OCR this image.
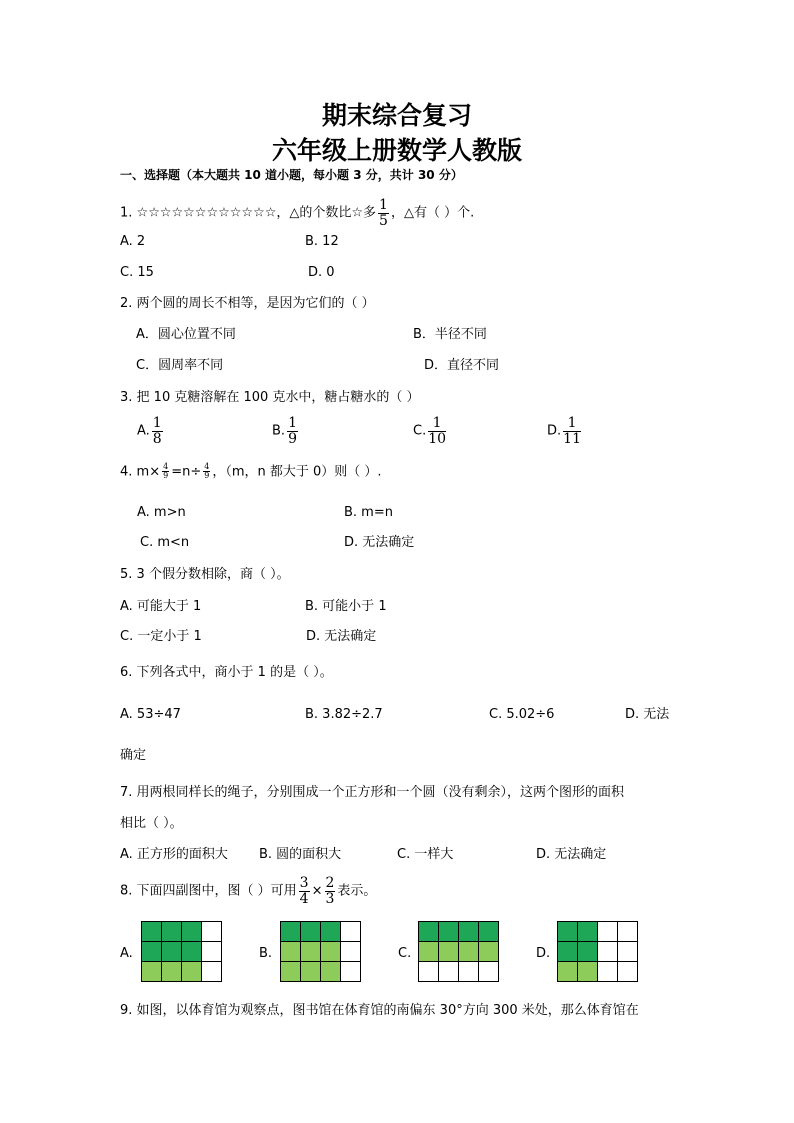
期末综合复习
六年级上册数学人教版
一、选择题（本大题共 10 道小题，每小题 3 分，共计 30 分）
1. ☆☆☆☆☆☆☆☆☆☆☆☆，△的个数比☆多 $\frac{1}{5}$ ，△有（ ）个.
A. 2	B. 12
C. 15	D. 0
2. 两个圆的周长不相等，是因为它们的（ ）
A．圆心位置不同	B．半径不同
C．圆周率不同	D．直径不同
3. 把 10 克糖溶解在 100 克水中，糖占糖水的（ ）
A. $\frac{1}{8}$	B. $\frac{1}{9}$	C. $\frac{1}{10}$	D. $\frac{1}{11}$
4. $m\times \frac{4}{9} =n\div \frac{4}{9}$ ，（m，n 都大于 0）则（ ）.
A. m>n	B. m=n
C. m<n	D. 无法确定
5. 3 个假分数相除，商（ ）。
A. 可能大于 1	B. 可能小于 1
C. 一定小于 1	D. 无法确定
6. 下列各式中，商小于 1 的是（ ）。
A. 53÷47	B. 3.82÷2.7	C. 5.02÷6	D. 无法
确定
7. 用两根同样长的绳子，分别围成一个正方形和一个圆（没有剩余），这两个图形的面积
相比（ ）。
A. 正方形的面积大 B. 圆的面积大	C. 一样大	D. 无法确定
8. 下面四副图中，图（ ）可用 $\frac{3}{4} \times \frac{2}{3}$ 表示。
A.	B.	C.	D.

9. 如图，以体育馆为观察点，图书馆在体育馆的南偏东 30°方向 300 米处，那么体育馆在
